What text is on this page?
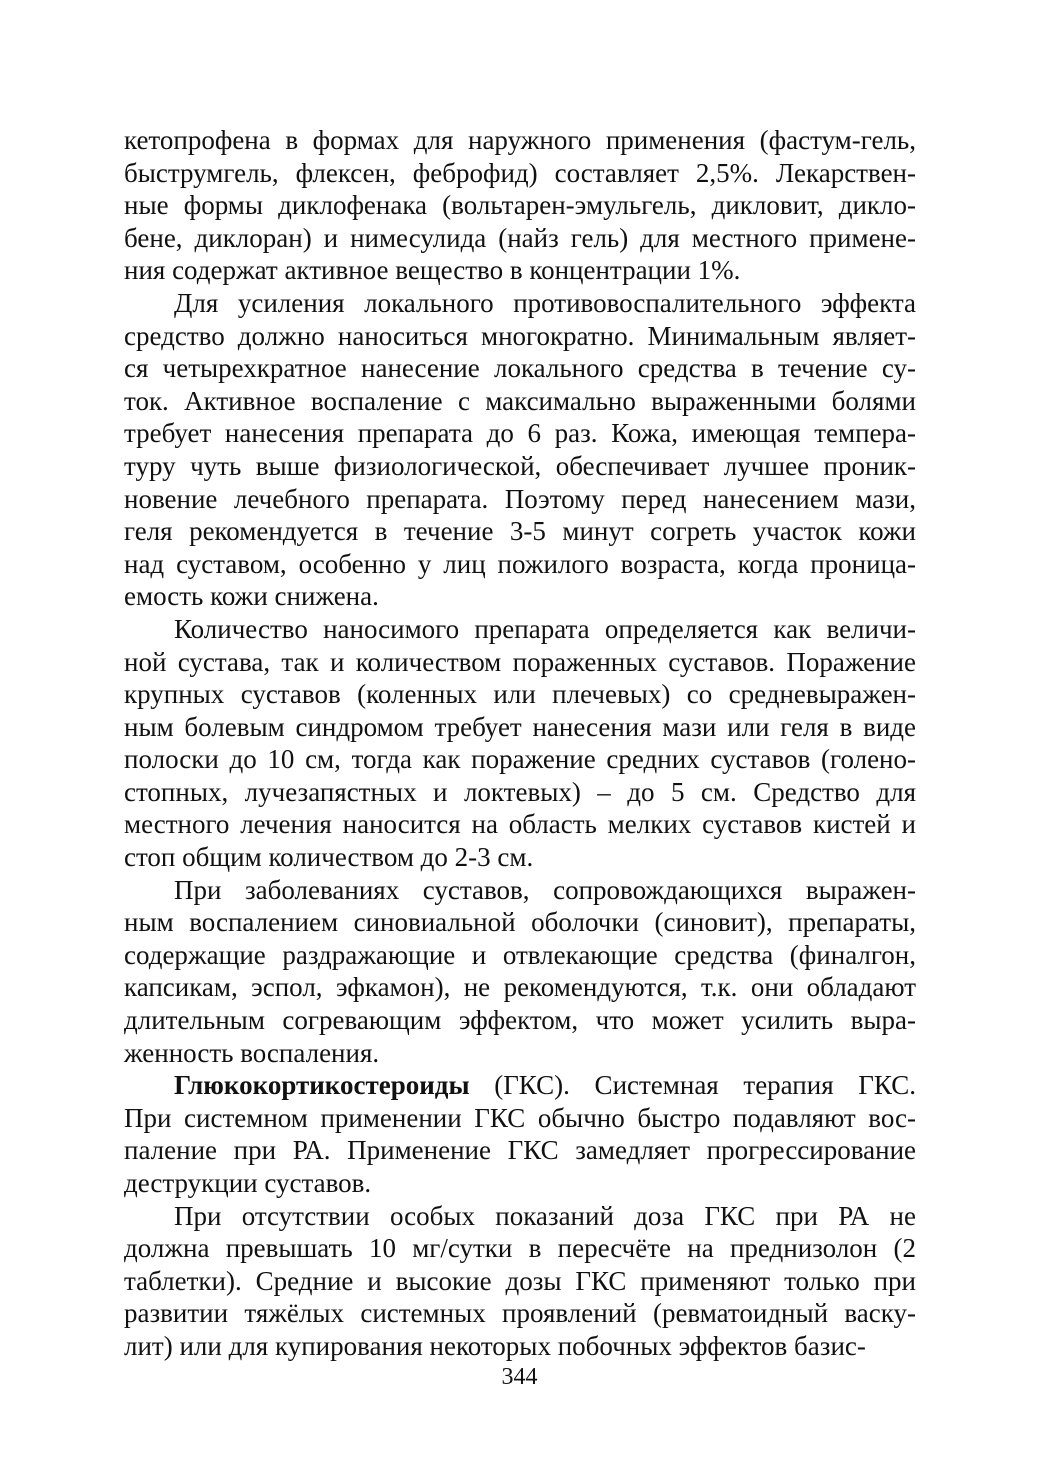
кетопрофена в формах для наружного применения (фастум-гель,
быструмгель, флексен, феброфид) составляет 2,5%. Лекарствен-
ные формы диклофенака (вольтарен-эмульгель, дикловит, дикло-
бене, диклоран) и нимесулида (найз гель) для местного примене-
ния содержат активное вещество в концентрации 1%.

Для усиления локального противовоспалительного эффекта
средство должно наноситься многократно. Минимальным являет-
ся четырехкратное нанесение локального средства в течение су-
ток. Активное воспаление с максимально выраженными болями
требует нанесения препарата до 6 раз. Кожа, имеющая темпера-
туру чуть выше физиологической, обеспечивает лучшее проник-
новение лечебного препарата. Поэтому перед нанесением мази,
геля рекомендуется в течение 3-5 минут согреть участок кожи
над суставом, особенно у лиц пожилого возраста, когда проница-
емость кожи снижена.

Количество наносимого препарата определяется как величи-
ной сустава, так и количеством пораженных суставов. Поражение
крупных суставов (коленных или плечевых) со средневыражен-
ным болевым синдромом требует нанесения мази или геля в виде
полоски до 10 см, тогда как поражение средних суставов (голено-
стопных, лучезапястных и локтевых) – до 5 см. Средство для
местного лечения наносится на область мелких суставов кистей и
стоп общим количеством до 2-3 см.

При заболеваниях суставов, сопровождающихся выражен-
ным воспалением синовиальной оболочки (синовит), препараты,
содержащие раздражающие и отвлекающие средства (финалгон,
капсикам, эспол, эфкамон), не рекомендуются, т.к. они обладают
длительным согревающим эффектом, что может усилить выра-
женность воспаления.

Глюкокортикостероиды (ГКС). Системная терапия ГКС.
При системном применении ГКС обычно быстро подавляют вос-
паление при РА. Применение ГКС замедляет прогрессирование
деструкции суставов.

При отсутствии особых показаний доза ГКС при РА не
должна превышать 10 мг/сутки в пересчёте на преднизолон (2
таблетки). Средние и высокие дозы ГКС применяют только при
развитии тяжёлых системных проявлений (ревматоидный васку-
лит) или для купирования некоторых побочных эффектов базис-

344
